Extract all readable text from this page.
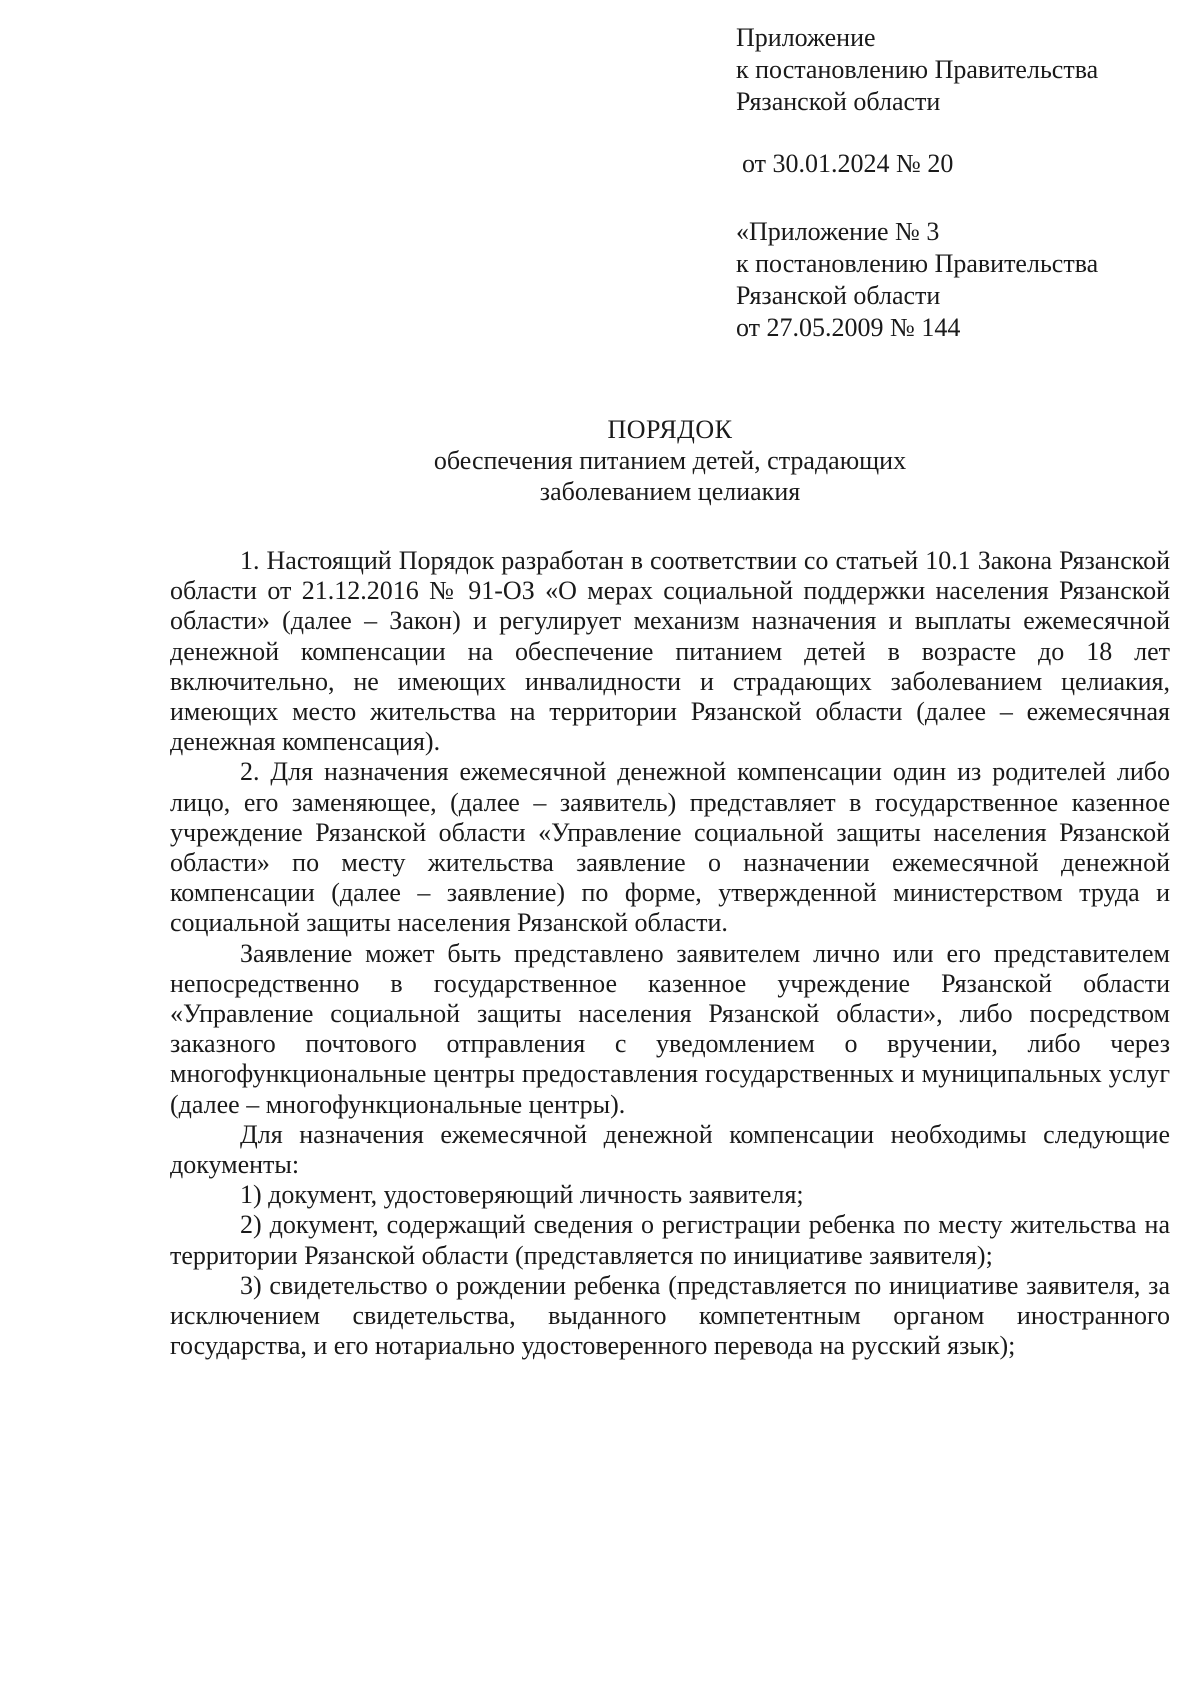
Приложение
к постановлению Правительства
Рязанской области
от 30.01.2024 № 20
«Приложение № 3
к постановлению Правительства
Рязанской области
от 27.05.2009 № 144
ПОРЯДОК
обеспечения питанием детей, страдающих
заболеванием целиакия

1. Настоящий Порядок разработан в соответствии со статьей 10.1 Закона Рязанской области от 21.12.2016 № 91-ОЗ «О мерах социальной поддержки населения Рязанской области» (далее – Закон) и регулирует механизм назначения и выплаты ежемесячной денежной компенсации на обеспечение питанием детей в возрасте до 18 лет включительно, не имеющих инвалидности и страдающих заболеванием целиакия, имеющих место жительства на территории Рязанской области (далее – ежемесячная денежная компенсация).

2. Для назначения ежемесячной денежной компенсации один из родителей либо лицо, его заменяющее, (далее – заявитель) представляет в государственное казенное учреждение Рязанской области «Управление социальной защиты населения Рязанской области» по месту жительства заявление о назначении ежемесячной денежной компенсации (далее – заявление) по форме, утвержденной министерством труда и социальной защиты населения Рязанской области.

Заявление может быть представлено заявителем лично или его представителем непосредственно в государственное казенное учреждение Рязанской области «Управление социальной защиты населения Рязанской области», либо посредством заказного почтового отправления с уведомлением о вручении, либо через многофункциональные центры предоставления государственных и муниципальных услуг (далее – многофункциональные центры).

Для назначения ежемесячной денежной компенсации необходимы следующие документы:

1) документ, удостоверяющий личность заявителя;

2) документ, содержащий сведения о регистрации ребенка по месту жительства на территории Рязанской области (представляется по инициативе заявителя);

3) свидетельство о рождении ребенка (представляется по инициативе заявителя, за исключением свидетельства, выданного компетентным органом иностранного государства, и его нотариально удостоверенного перевода на русский язык);
